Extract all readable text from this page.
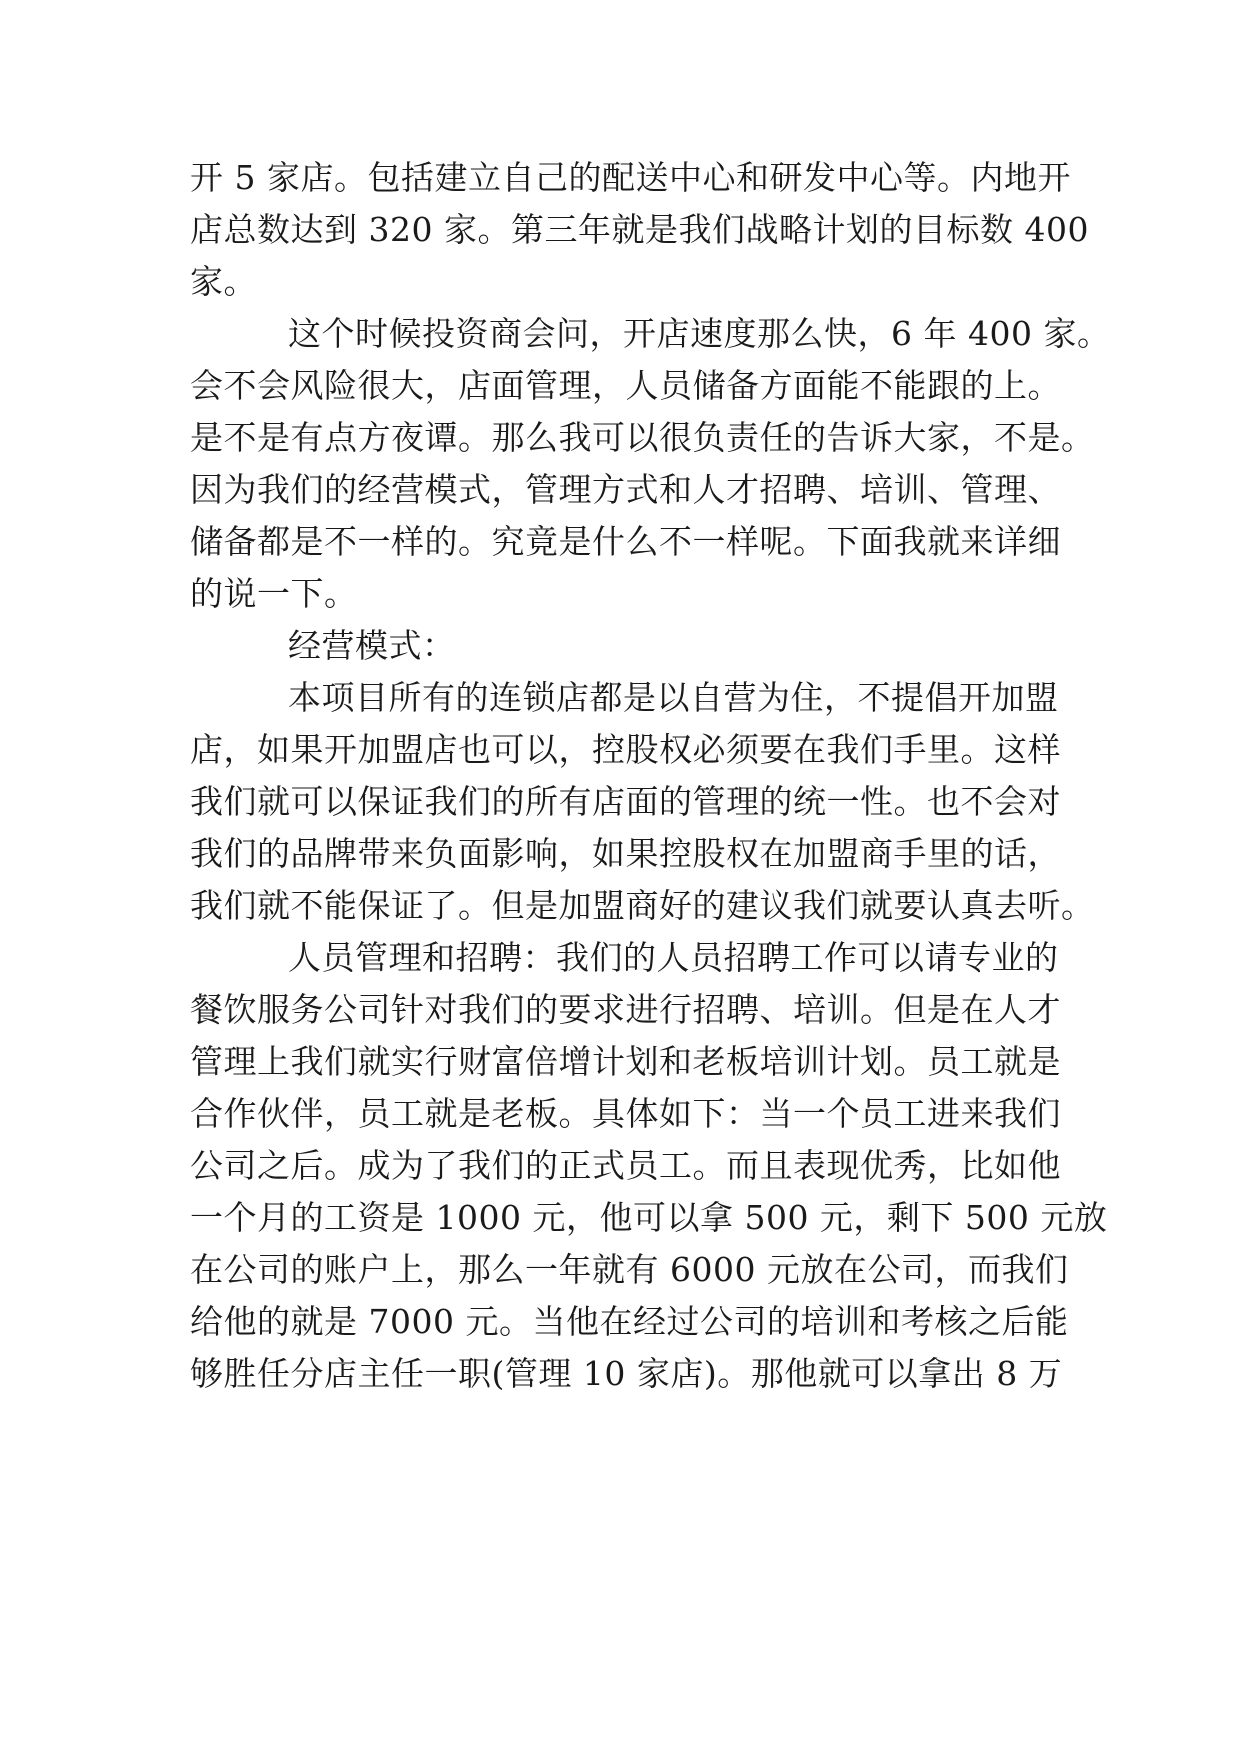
开 5 家店。包括建立自己的配送中心和研发中心等。内地开
店总数达到 320 家。第三年就是我们战略计划的目标数 400
家。
这个时候投资商会问，开店速度那么快，6 年 400 家。
会不会风险很大，店面管理，人员储备方面能不能跟的上。
是不是有点方夜谭。那么我可以很负责任的告诉大家，不是。
因为我们的经营模式，管理方式和人才招聘、培训、管理、
储备都是不一样的。究竟是什么不一样呢。下面我就来详细
的说一下。
经营模式：
本项目所有的连锁店都是以自营为住，不提倡开加盟
店，如果开加盟店也可以，控股权必须要在我们手里。这样
我们就可以保证我们的所有店面的管理的统一性。也不会对
我们的品牌带来负面影响，如果控股权在加盟商手里的话，
我们就不能保证了。但是加盟商好的建议我们就要认真去听。
人员管理和招聘：我们的人员招聘工作可以请专业的
餐饮服务公司针对我们的要求进行招聘、培训。但是在人才
管理上我们就实行财富倍增计划和老板培训计划。员工就是
合作伙伴，员工就是老板。具体如下：当一个员工进来我们
公司之后。成为了我们的正式员工。而且表现优秀，比如他
一个月的工资是 1000 元，他可以拿 500 元，剩下 500 元放
在公司的账户上，那么一年就有 6000 元放在公司，而我们
给他的就是 7000 元。当他在经过公司的培训和考核之后能
够胜任分店主任一职(管理 10 家店)。那他就可以拿出 8 万
